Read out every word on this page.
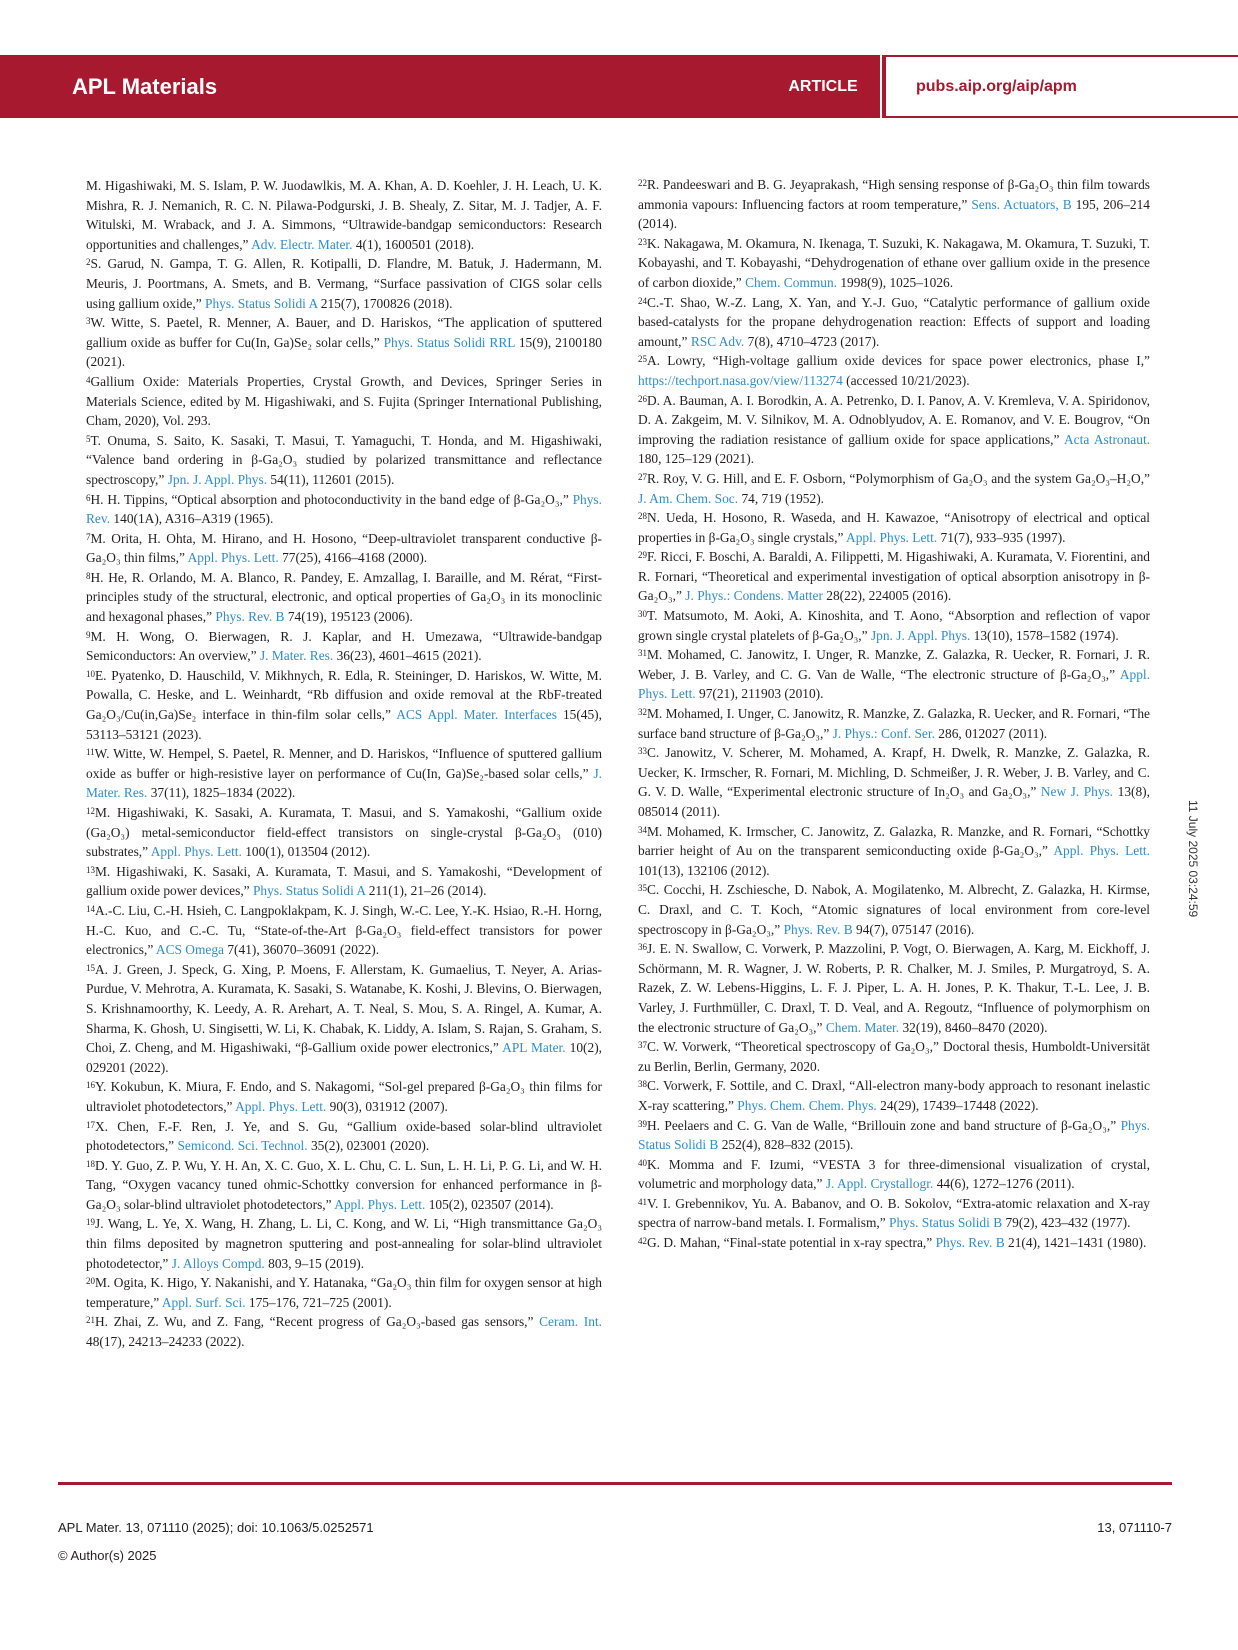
APL Materials	ARTICLE	pubs.aip.org/aip/apm

M. Higashiwaki, M. S. Islam, P. W. Juodawlkis, M. A. Khan, A. D. Koehler, J. H. Leach, U. K. Mishra, R. J. Nemanich, R. C. N. Pilawa-Podgurski, J. B. Shealy, Z. Sitar, M. J. Tadjer, A. F. Witulski, M. Wraback, and J. A. Simmons, “Ultrawide-bandgap semiconductors: Research opportunities and challenges,” Adv. Electr. Mater. 4(1), 1600501 (2018).

$^2$S. Garud, N. Gampa, T. G. Allen, R. Kotipalli, D. Flandre, M. Batuk, J. Hadermann, M. Meuris, J. Poortmans, A. Smets, and B. Vermang, “Surface passivation of CIGS solar cells using gallium oxide,” Phys. Status Solidi A 215(7), 1700826 (2018).

$^3$W. Witte, S. Paetel, R. Menner, A. Bauer, and D. Hariskos, “The application of sputtered gallium oxide as buffer for Cu(In, Ga)Se₂ solar cells,” Phys. Status Solidi RRL 15(9), 2100180 (2021).

$^4$Gallium Oxide: Materials Properties, Crystal Growth, and Devices, Springer Series in Materials Science, edited by M. Higashiwaki, and S. Fujita (Springer International Publishing, Cham, 2020), Vol. 293.

$^5$T. Onuma, S. Saito, K. Sasaki, T. Masui, T. Yamaguchi, T. Honda, and M. Higashiwaki, “Valence band ordering in β-Ga₂O₃ studied by polarized transmittance and reflectance spectroscopy,” Jpn. J. Appl. Phys. 54(11), 112601 (2015).

$^6$H. H. Tippins, “Optical absorption and photoconductivity in the band edge of β-Ga₂O₃,” Phys. Rev. 140(1A), A316–A319 (1965).

$^7$M. Orita, H. Ohta, M. Hirano, and H. Hosono, “Deep-ultraviolet transparent conductive β-Ga₂O₃ thin films,” Appl. Phys. Lett. 77(25), 4166–4168 (2000).

$^8$H. He, R. Orlando, M. A. Blanco, R. Pandey, E. Amzallag, I. Baraille, and M. Rérat, “First-principles study of the structural, electronic, and optical properties of Ga₂O₃ in its monoclinic and hexagonal phases,” Phys. Rev. B 74(19), 195123 (2006).

$^9$M. H. Wong, O. Bierwagen, R. J. Kaplar, and H. Umezawa, “Ultrawide-bandgap Semiconductors: An overview,” J. Mater. Res. 36(23), 4601–4615 (2021).

$^{10}$E. Pyatenko, D. Hauschild, V. Mikhnych, R. Edla, R. Steininger, D. Hariskos, W. Witte, M. Powalla, C. Heske, and L. Weinhardt, “Rb diffusion and oxide removal at the RbF-treated Ga₂O₃/Cu(in,Ga)Se₂ interface in thin-film solar cells,” ACS Appl. Mater. Interfaces 15(45), 53113–53121 (2023).

$^{11}$W. Witte, W. Hempel, S. Paetel, R. Menner, and D. Hariskos, “Influence of sputtered gallium oxide as buffer or high-resistive layer on performance of Cu(In, Ga)Se₂-based solar cells,” J. Mater. Res. 37(11), 1825–1834 (2022).

$^{12}$M. Higashiwaki, K. Sasaki, A. Kuramata, T. Masui, and S. Yamakoshi, “Gallium oxide (Ga₂O₃) metal-semiconductor field-effect transistors on single-crystal β-Ga₂O₃ (010) substrates,” Appl. Phys. Lett. 100(1), 013504 (2012).

$^{13}$M. Higashiwaki, K. Sasaki, A. Kuramata, T. Masui, and S. Yamakoshi, “Development of gallium oxide power devices,” Phys. Status Solidi A 211(1), 21–26 (2014).

$^{14}$A.-C. Liu, C.-H. Hsieh, C. Langpoklakpam, K. J. Singh, W.-C. Lee, Y.-K. Hsiao, R.-H. Horng, H.-C. Kuo, and C.-C. Tu, “State-of-the-Art β-Ga₂O₃ field-effect transistors for power electronics,” ACS Omega 7(41), 36070–36091 (2022).

$^{15}$A. J. Green, J. Speck, G. Xing, P. Moens, F. Allerstam, K. Gumaelius, T. Neyer, A. Arias-Purdue, V. Mehrotra, A. Kuramata, K. Sasaki, S. Watanabe, K. Koshi, J. Blevins, O. Bierwagen, S. Krishnamoorthy, K. Leedy, A. R. Arehart, A. T. Neal, S. Mou, S. A. Ringel, A. Kumar, A. Sharma, K. Ghosh, U. Singisetti, W. Li, K. Chabak, K. Liddy, A. Islam, S. Rajan, S. Graham, S. Choi, Z. Cheng, and M. Higashiwaki, “β-Gallium oxide power electronics,” APL Mater. 10(2), 029201 (2022).

$^{16}$Y. Kokubun, K. Miura, F. Endo, and S. Nakagomi, “Sol-gel prepared β-Ga₂O₃ thin films for ultraviolet photodetectors,” Appl. Phys. Lett. 90(3), 031912 (2007).

$^{17}$X. Chen, F.-F. Ren, J. Ye, and S. Gu, “Gallium oxide-based solar-blind ultraviolet photodetectors,” Semicond. Sci. Technol. 35(2), 023001 (2020).

$^{18}$D. Y. Guo, Z. P. Wu, Y. H. An, X. C. Guo, X. L. Chu, C. L. Sun, L. H. Li, P. G. Li, and W. H. Tang, “Oxygen vacancy tuned ohmic-Schottky conversion for enhanced performance in β-Ga₂O₃ solar-blind ultraviolet photodetectors,” Appl. Phys. Lett. 105(2), 023507 (2014).

$^{19}$J. Wang, L. Ye, X. Wang, H. Zhang, L. Li, C. Kong, and W. Li, “High transmittance Ga₂O₃ thin films deposited by magnetron sputtering and post-annealing for solar-blind ultraviolet photodetector,” J. Alloys Compd. 803, 9–15 (2019).

$^{20}$M. Ogita, K. Higo, Y. Nakanishi, and Y. Hatanaka, “Ga₂O₃ thin film for oxygen sensor at high temperature,” Appl. Surf. Sci. 175–176, 721–725 (2001).

$^{21}$H. Zhai, Z. Wu, and Z. Fang, “Recent progress of Ga₂O₃-based gas sensors,” Ceram. Int. 48(17), 24213–24233 (2022).

$^{22}$R. Pandeeswari and B. G. Jeyaprakash, “High sensing response of β-Ga₂O₃ thin film towards ammonia vapours: Influencing factors at room temperature,” Sens. Actuators, B 195, 206–214 (2014).

$^{23}$K. Nakagawa, M. Okamura, N. Ikenaga, T. Suzuki, K. Nakagawa, M. Okamura, T. Suzuki, T. Kobayashi, and T. Kobayashi, “Dehydrogenation of ethane over gallium oxide in the presence of carbon dioxide,” Chem. Commun. 1998(9), 1025–1026.

$^{24}$C.-T. Shao, W.-Z. Lang, X. Yan, and Y.-J. Guo, “Catalytic performance of gallium oxide based-catalysts for the propane dehydrogenation reaction: Effects of support and loading amount,” RSC Adv. 7(8), 4710–4723 (2017).

$^{25}$A. Lowry, “High-voltage gallium oxide devices for space power electronics, phase I,” https://techport.nasa.gov/view/113274 (accessed 10/21/2023).

$^{26}$D. A. Bauman, A. I. Borodkin, A. A. Petrenko, D. I. Panov, A. V. Kremleva, V. A. Spiridonov, D. A. Zakgeim, M. V. Silnikov, M. A. Odnoblyudov, A. E. Romanov, and V. E. Bougrov, “On improving the radiation resistance of gallium oxide for space applications,” Acta Astronaut. 180, 125–129 (2021).

$^{27}$R. Roy, V. G. Hill, and E. F. Osborn, “Polymorphism of Ga₂O₃ and the system Ga₂O₃–H₂O,” J. Am. Chem. Soc. 74, 719 (1952).

$^{28}$N. Ueda, H. Hosono, R. Waseda, and H. Kawazoe, “Anisotropy of electrical and optical properties in β-Ga₂O₃ single crystals,” Appl. Phys. Lett. 71(7), 933–935 (1997).

$^{29}$F. Ricci, F. Boschi, A. Baraldi, A. Filippetti, M. Higashiwaki, A. Kuramata, V. Fiorentini, and R. Fornari, “Theoretical and experimental investigation of optical absorption anisotropy in β-Ga₂O₃,” J. Phys.: Condens. Matter 28(22), 224005 (2016).

$^{30}$T. Matsumoto, M. Aoki, A. Kinoshita, and T. Aono, “Absorption and reflection of vapor grown single crystal platelets of β-Ga₂O₃,” Jpn. J. Appl. Phys. 13(10), 1578–1582 (1974).

$^{31}$M. Mohamed, C. Janowitz, I. Unger, R. Manzke, Z. Galazka, R. Uecker, R. Fornari, J. R. Weber, J. B. Varley, and C. G. Van de Walle, “The electronic structure of β-Ga₂O₃,” Appl. Phys. Lett. 97(21), 211903 (2010).

$^{32}$M. Mohamed, I. Unger, C. Janowitz, R. Manzke, Z. Galazka, R. Uecker, and R. Fornari, “The surface band structure of β-Ga₂O₃,” J. Phys.: Conf. Ser. 286, 012027 (2011).

$^{33}$C. Janowitz, V. Scherer, M. Mohamed, A. Krapf, H. Dwelk, R. Manzke, Z. Galazka, R. Uecker, K. Irmscher, R. Fornari, M. Michling, D. Schmeißer, J. R. Weber, J. B. Varley, and C. G. V. D. Walle, “Experimental electronic structure of In₂O₃ and Ga₂O₃,” New J. Phys. 13(8), 085014 (2011).

$^{34}$M. Mohamed, K. Irmscher, C. Janowitz, Z. Galazka, R. Manzke, and R. Fornari, “Schottky barrier height of Au on the transparent semiconducting oxide β-Ga₂O₃,” Appl. Phys. Lett. 101(13), 132106 (2012).

$^{35}$C. Cocchi, H. Zschiesche, D. Nabok, A. Mogilatenko, M. Albrecht, Z. Galazka, H. Kirmse, C. Draxl, and C. T. Koch, “Atomic signatures of local environment from core-level spectroscopy in β-Ga₂O₃,” Phys. Rev. B 94(7), 075147 (2016).

$^{36}$J. E. N. Swallow, C. Vorwerk, P. Mazzolini, P. Vogt, O. Bierwagen, A. Karg, M. Eickhoff, J. Schörmann, M. R. Wagner, J. W. Roberts, P. R. Chalker, M. J. Smiles, P. Murgatroyd, S. A. Razek, Z. W. Lebens-Higgins, L. F. J. Piper, L. A. H. Jones, P. K. Thakur, T.-L. Lee, J. B. Varley, J. Furthmüller, C. Draxl, T. D. Veal, and A. Regoutz, “Influence of polymorphism on the electronic structure of Ga₂O₃,” Chem. Mater. 32(19), 8460–8470 (2020).

$^{37}$C. W. Vorwerk, “Theoretical spectroscopy of Ga₂O₃,” Doctoral thesis, Humboldt-Universität zu Berlin, Berlin, Germany, 2020.

$^{38}$C. Vorwerk, F. Sottile, and C. Draxl, “All-electron many-body approach to resonant inelastic X-ray scattering,” Phys. Chem. Chem. Phys. 24(29), 17439–17448 (2022).

$^{39}$H. Peelaers and C. G. Van de Walle, “Brillouin zone and band structure of β-Ga₂O₃,” Phys. Status Solidi B 252(4), 828–832 (2015).

$^{40}$K. Momma and F. Izumi, “VESTA 3 for three-dimensional visualization of crystal, volumetric and morphology data,” J. Appl. Crystallogr. 44(6), 1272–1276 (2011).

$^{41}$V. I. Grebennikov, Yu. A. Babanov, and O. B. Sokolov, “Extra-atomic relaxation and X-ray spectra of narrow-band metals. I. Formalism,” Phys. Status Solidi B 79(2), 423–432 (1977).

$^{42}$G. D. Mahan, “Final-state potential in x-ray spectra,” Phys. Rev. B 21(4), 1421–1431 (1980).

11 July 2025 03:24:59
APL Mater. 13, 071110 (2025); doi: 10.1063/5.0252571
© Author(s) 2025
13, 071110-7
